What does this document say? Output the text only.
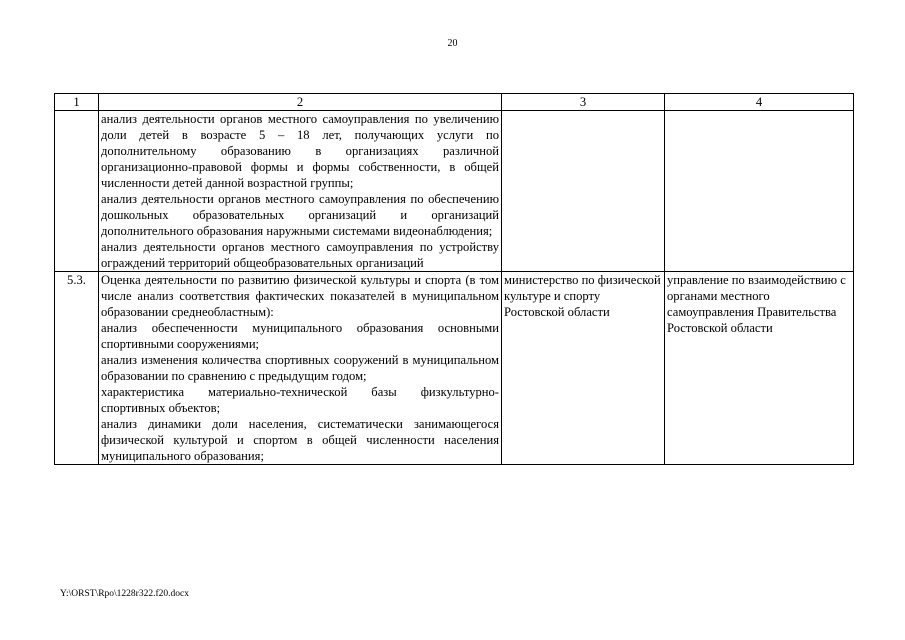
20
1	2	3	4

	анализ деятельности органов местного самоуправления по увеличению доли детей в возрасте 5 – 18 лет, получающих услуги по дополнительному образованию в организациях различной организационно-правовой формы и формы собственности, в общей численности детей данной возрастной группы;
анализ деятельности органов местного самоуправления по обеспечению дошкольных образовательных организаций и организаций дополнительного образования наружными системами видеонаблюдения;
анализ деятельности органов местного самоуправления по устройству ограждений территорий общеобразовательных организаций		

5.3.	Оценка деятельности по развитию физической культуры и спорта (в том числе анализ соответствия фактических показателей в муниципальном образовании среднеобластным):
анализ обеспеченности муниципального образования основными спортивными сооружениями;
анализ изменения количества спортивных сооружений в муниципальном образовании по сравнению с предыдущим годом;
характеристика материально-технической базы физкультурно-спортивных объектов;
анализ динамики доли населения, систематически занимающегося физической культурой и спортом в общей численности населения муниципального образования;	министерство по физической культуре и спорту Ростовской области	управление по взаимодействию с органами местного самоуправления Правительства Ростовской области
Y:\ORST\Rpo\1228r322.f20.docx
